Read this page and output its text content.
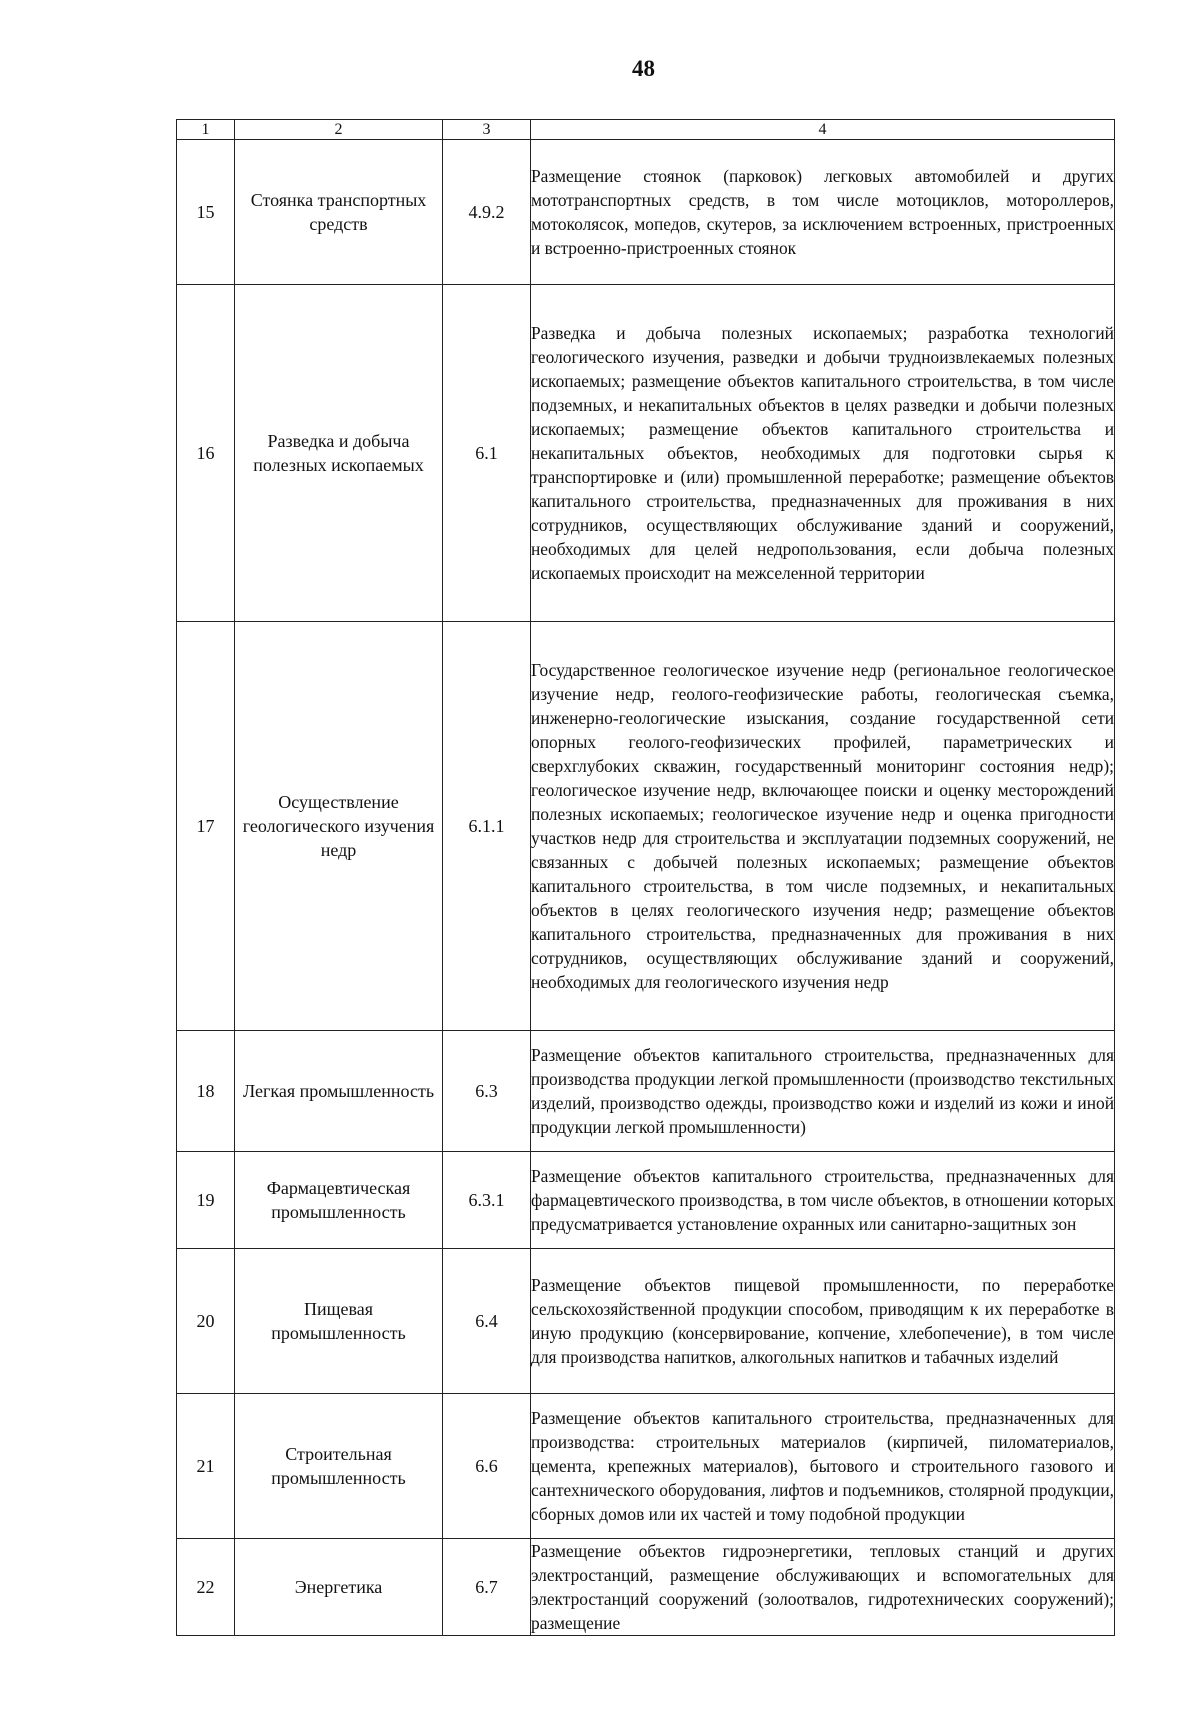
48
1	2	3	4
15	Стоянка транспортных средств	4.9.2	Размещение стоянок (парковок) легковых автомобилей и других мототранспортных средств, в том числе мотоциклов, мотороллеров, мотоколясок, мопедов, скутеров, за исключением встроенных, пристроенных и встроенно-пристроенных стоянок
16	Разведка и добыча полезных ископаемых	6.1	Разведка и добыча полезных ископаемых; разработка технологий геологического изучения, разведки и добычи трудноизвлекаемых полезных ископаемых; размещение объектов капитального строительства, в том числе подземных, и некапитальных объектов в целях разведки и добычи полезных ископаемых; размещение объектов капитального строительства и некапитальных объектов, необходимых для подготовки сырья к транспортировке и (или) промышленной переработке; размещение объектов капитального строительства, предназначенных для проживания в них сотрудников, осуществляющих обслуживание зданий и сооружений, необходимых для целей недропользования, если добыча полезных ископаемых происходит на межселенной территории
17	Осуществление геологического изучения недр	6.1.1	Государственное геологическое изучение недр (региональное геологическое изучение недр, геолого-геофизические работы, геологическая съемка, инженерно-геологические изыскания, создание государственной сети опорных геолого-геофизических профилей, параметрических и сверхглубоких скважин, государственный мониторинг состояния недр); геологическое изучение недр, включающее поиски и оценку месторождений полезных ископаемых; геологическое изучение недр и оценка пригодности участков недр для строительства и эксплуатации подземных сооружений, не связанных с добычей полезных ископаемых; размещение объектов капитального строительства, в том числе подземных, и некапитальных объектов в целях геологического изучения недр; размещение объектов капитального строительства, предназначенных для проживания в них сотрудников, осуществляющих обслуживание зданий и сооружений, необходимых для геологического изучения недр
18	Легкая промышленность	6.3	Размещение объектов капитального строительства, предназначенных для производства продукции легкой промышленности (производство текстильных изделий, производство одежды, производство кожи и изделий из кожи и иной продукции легкой промышленности)
19	Фармацевтическая промышленность	6.3.1	Размещение объектов капитального строительства, предназначенных для фармацевтического производства, в том числе объектов, в отношении которых предусматривается установление охранных или санитарно-защитных зон
20	Пищевая промышленность	6.4	Размещение объектов пищевой промышленности, по переработке сельскохозяйственной продукции способом, приводящим к их переработке в иную продукцию (консервирование, копчение, хлебопечение), в том числе для производства напитков, алкогольных напитков и табачных изделий
21	Строительная промышленность	6.6	Размещение объектов капитального строительства, предназначенных для производства: строительных материалов (кирпичей, пиломатериалов, цемента, крепежных материалов), бытового и строительного газового и сантехнического оборудования, лифтов и подъемников, столярной продукции, сборных домов или их частей и тому подобной продукции
22	Энергетика	6.7	Размещение объектов гидроэнергетики, тепловых станций и других электростанций, размещение обслуживающих и вспомогательных для электростанций сооружений (золоотвалов, гидротехнических сооружений); размещение
